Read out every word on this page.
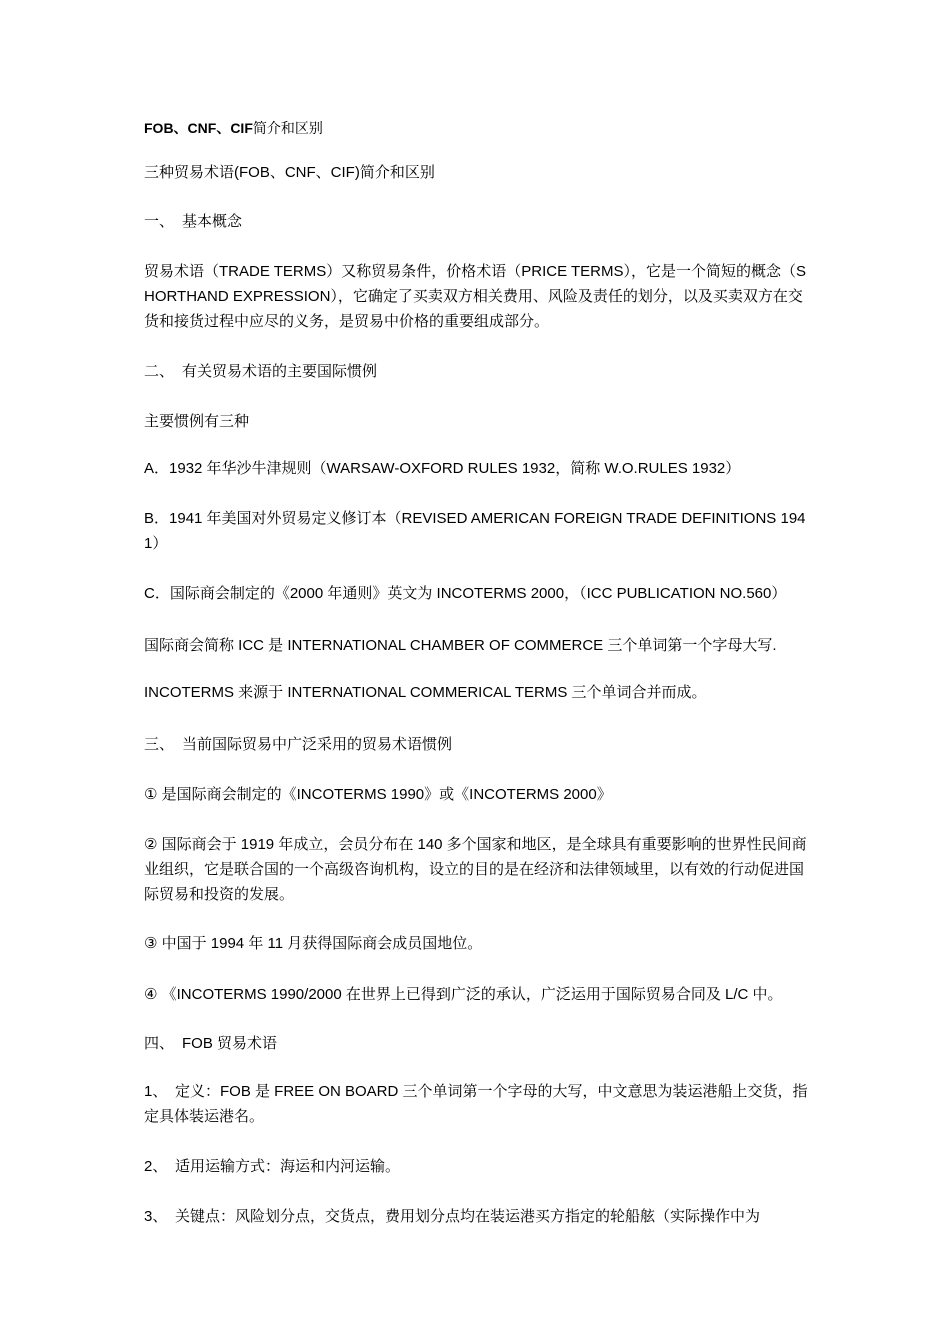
FOB、CNF、CIF简介和区别

三种贸易术语(FOB、CNF、CIF)简介和区别

一、 基本概念

贸易术语（TRADE TERMS）又称贸易条件，价格术语（PRICE TERMS），它是一个简短的概念（SHORTHAND EXPRESSION），它确定了买卖双方相关费用、风险及责任的划分，以及买卖双方在交货和接货过程中应尽的义务，是贸易中价格的重要组成部分。

二、 有关贸易术语的主要国际惯例

主要惯例有三种

A．1932 年华沙牛津规则（WARSAW-OXFORD RULES 1932，简称 W.O.RULES 1932）

B．1941 年美国对外贸易定义修订本（REVISED AMERICAN FOREIGN TRADE DEFINITIONS 1941）

C．国际商会制定的《2000 年通则》英文为 INCOTERMS 2000，（ICC PUBLICATION NO.560）

国际商会简称 ICC 是 INTERNATIONAL CHAMBER OF COMMERCE 三个单词第一个字母大写.

INCOTERMS 来源于 INTERNATIONAL COMMERICAL TERMS 三个单词合并而成。

三、 当前国际贸易中广泛采用的贸易术语惯例

① 是国际商会制定的《INCOTERMS 1990》或《INCOTERMS 2000》

② 国际商会于 1919 年成立，会员分布在 140 多个国家和地区，是全球具有重要影响的世界性民间商业组织，它是联合国的一个高级咨询机构，设立的目的是在经济和法律领域里，以有效的行动促进国际贸易和投资的发展。

③ 中国于 1994 年 11 月获得国际商会成员国地位。

④ 《INCOTERMS 1990/2000 在世界上已得到广泛的承认，广泛运用于国际贸易合同及 L/C 中。

四、 FOB 贸易术语

1、 定义：FOB 是 FREE ON BOARD 三个单词第一个字母的大写，中文意思为装运港船上交货，指定具体装运港名。

2、 适用运输方式：海运和内河运输。

3、 关键点：风险划分点，交货点，费用划分点均在装运港买方指定的轮船舷（实际操作中为
